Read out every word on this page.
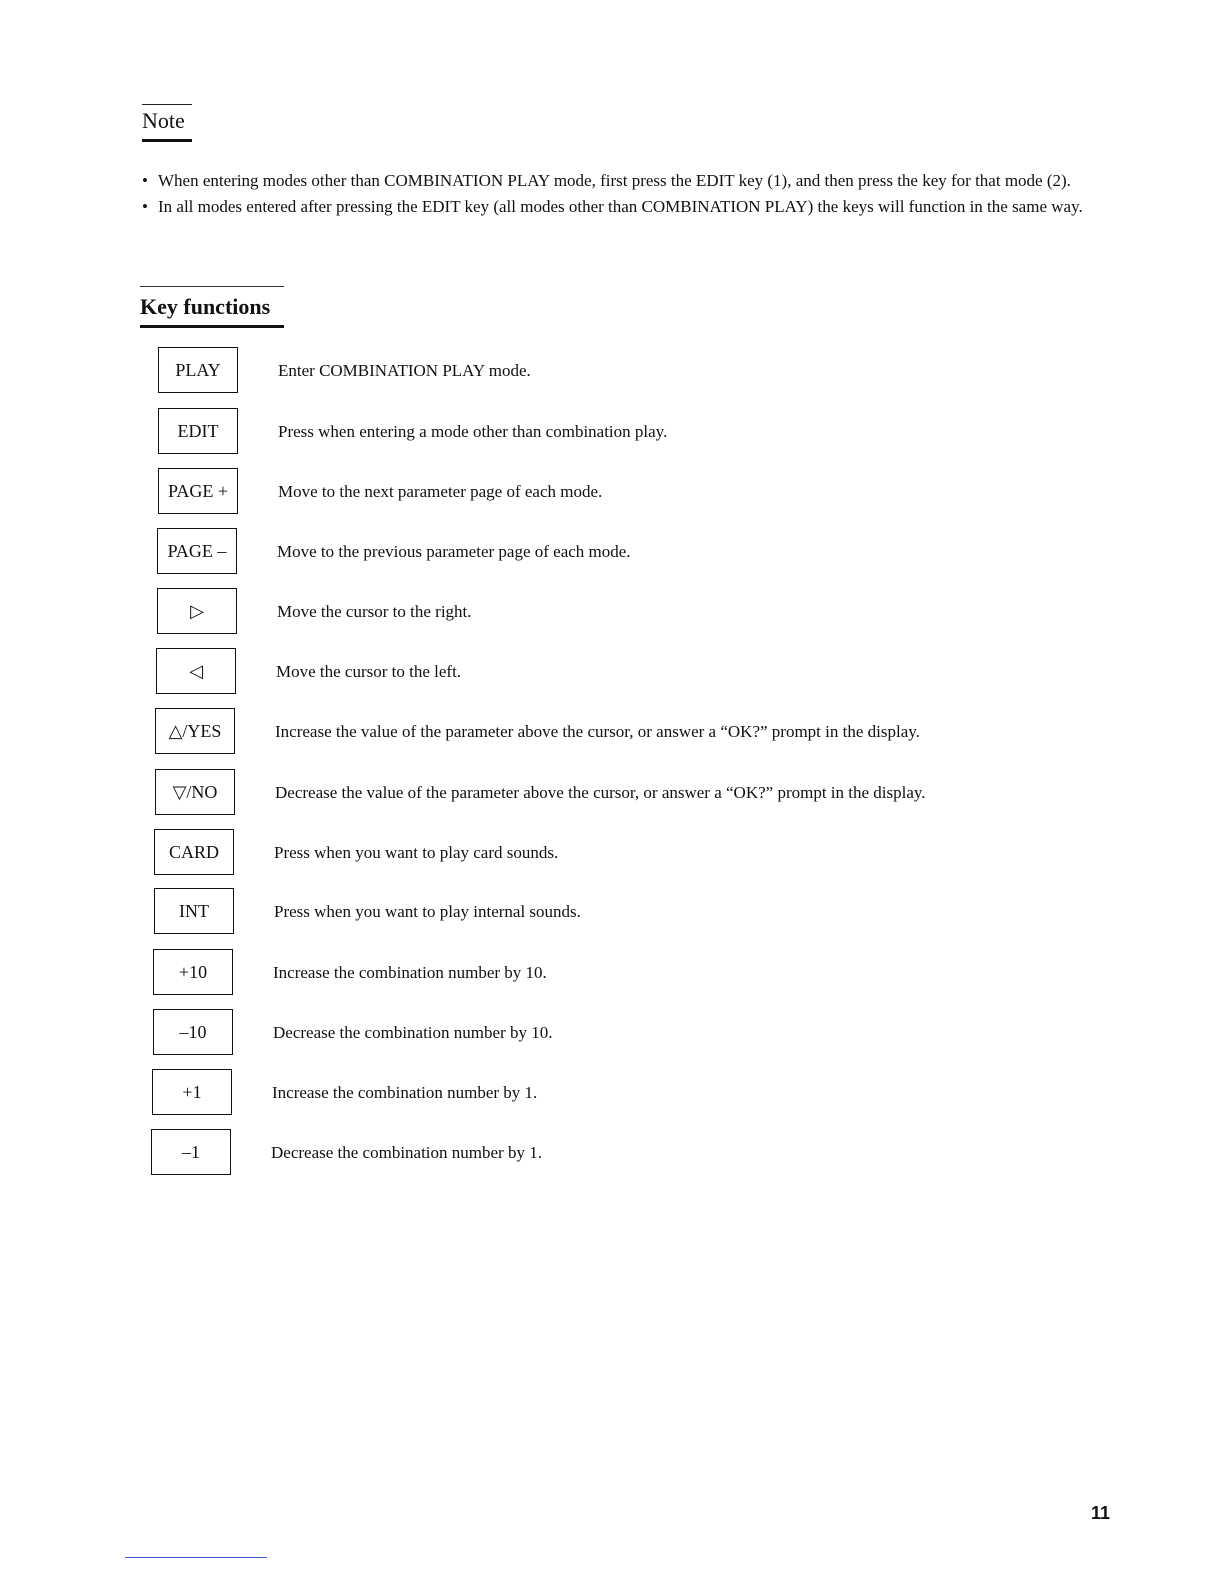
Note
• When entering modes other than COMBINATION PLAY mode, first press the EDIT key (1), and then press the key for that mode (2).
• In all modes entered after pressing the EDIT key (all modes other than COMBINATION PLAY) the keys will function in the same way.
Key functions
PLAY	Enter COMBINATION PLAY mode.
EDIT	Press when entering a mode other than combination play.
PAGE +	Move to the next parameter page of each mode.
PAGE –	Move to the previous parameter page of each mode.
▷	Move the cursor to the right.
◁	Move the cursor to the left.
△/YES	Increase the value of the parameter above the cursor, or answer a “OK?” prompt in the display.
▽/NO	Decrease the value of the parameter above the cursor, or answer a “OK?” prompt in the display.
CARD	Press when you want to play card sounds.
INT	Press when you want to play internal sounds.
+10	Increase the combination number by 10.
–10	Decrease the combination number by 10.
+1	Increase the combination number by 1.
–1	Decrease the combination number by 1.
11
